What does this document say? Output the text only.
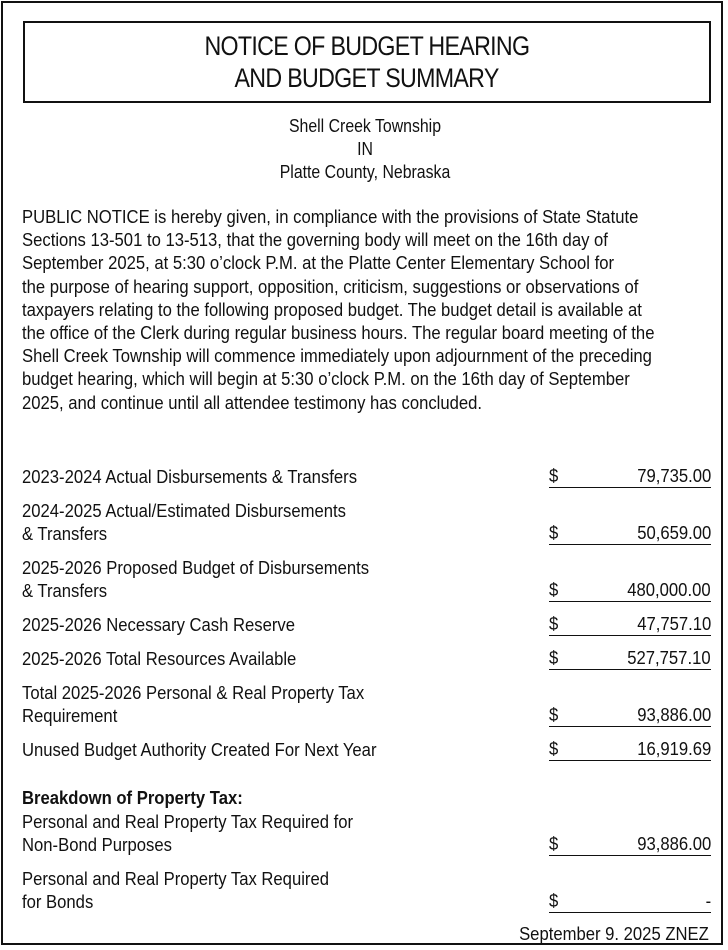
NOTICE OF BUDGET HEARING
AND BUDGET SUMMARY
Shell Creek Township
IN
Platte County, Nebraska
PUBLIC NOTICE is hereby given, in compliance with the provisions of State Statute
Sections 13-501 to 13-513, that the governing body will meet on the 16th day of
September 2025, at 5:30 o’clock P.M. at the Platte Center Elementary School for
the purpose of hearing support, opposition, criticism, suggestions or observations of
taxpayers relating to the following proposed budget. The budget detail is available at
the office of the Clerk during regular business hours. The regular board meeting of the
Shell Creek Township will commence immediately upon adjournment of the preceding
budget hearing, which will begin at 5:30 o’clock P.M. on the 16th day of September
2025, and continue until all attendee testimony has concluded.
2023-2024 Actual Disbursements & Transfers	$	79,735.00
2024-2025 Actual/Estimated Disbursements
& Transfers	$	50,659.00
2025-2026 Proposed Budget of Disbursements
& Transfers	$	480,000.00
2025-2026 Necessary Cash Reserve	$	47,757.10
2025-2026 Total Resources Available	$	527,757.10
Total 2025-2026 Personal & Real Property Tax
Requirement	$	93,886.00
Unused Budget Authority Created For Next Year	$	16,919.69
Breakdown of Property Tax:
Personal and Real Property Tax Required for
Non-Bond Purposes	$	93,886.00
Personal and Real Property Tax Required
for Bonds	$	-
September 9. 2025 ZNEZ
